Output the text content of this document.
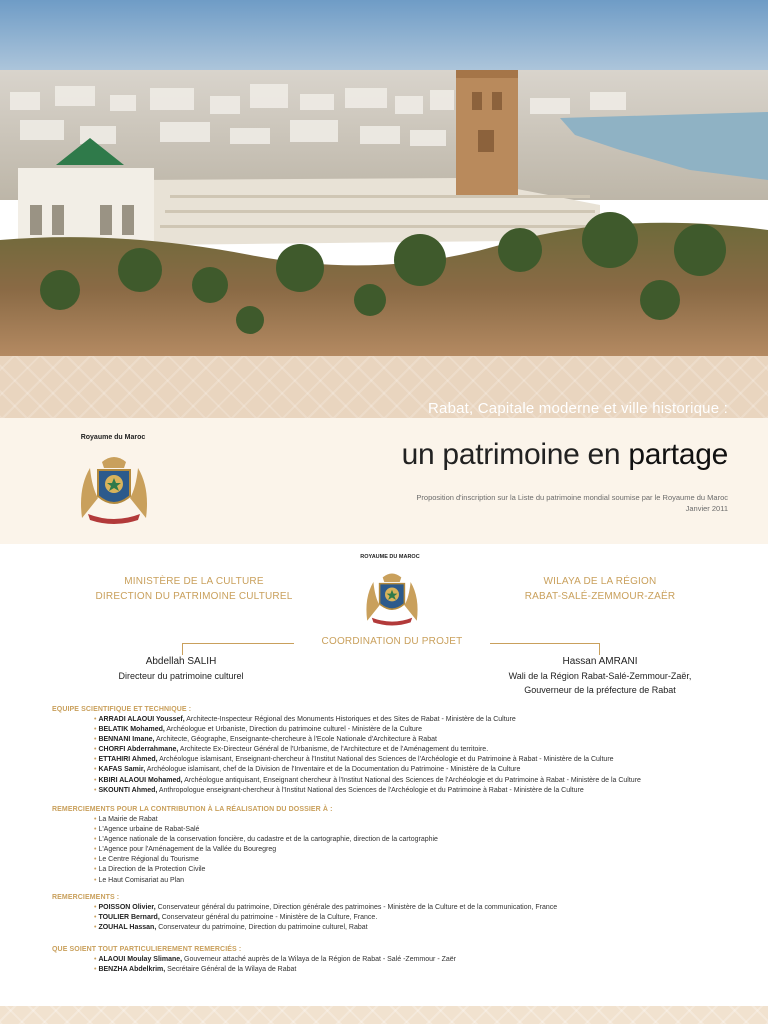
Rabat, Capitale moderne et ville historique :
Royaume du Maroc
un patrimoine en partage
Proposition d'inscription sur la Liste du patrimoine mondial soumise par le Royaume du Maroc
Janvier 2011
ROYAUME DU MAROC
MINISTÈRE DE LA CULTURE
DIRECTION DU PATRIMOINE CULTUREL
WILAYA DE LA RÉGION
RABAT-SALÉ-ZEMMOUR-ZAËR
COORDINATION DU PROJET
Abdellah SALIH
Directeur du patrimoine culturel
Hassan AMRANI
Wali de la Région Rabat-Salé-Zemmour-Zaër,
Gouverneur de la préfecture de Rabat
EQUIPE SCIENTIFIQUE ET TECHNIQUE :
• ARRADI ALAOUI Youssef, Architecte-Inspecteur Régional des Monuments Historiques et des Sites de Rabat - Ministère de la Culture
• BELATIK Mohamed, Archéologue et Urbaniste, Direction du patrimoine culturel - Ministère de la Culture
• BENNANI Imane, Architecte, Géographe, Enseignante-chercheure à l'Ecole Nationale d'Architecture à Rabat
• CHORFI Abderrahmane, Architecte Ex-Directeur Général de l'Urbanisme, de l'Architecture et de l'Aménagement du territoire.
• ETTAHIRI Ahmed, Archéologue islamisant, Enseignant-chercheur à l'Institut National des Sciences de l'Archéologie et du Patrimoine à Rabat - Ministère de la Culture
• KAFAS Samir, Archéologue islamisant, chef de la Division de l'Inventaire et de la Documentation du Patrimoine - Ministère de la Culture
• KBIRI ALAOUI Mohamed, Archéologue antiquisant, Enseignant chercheur à l'Institut National des Sciences de l'Archéologie et du Patrimoine à Rabat - Ministère de la Culture
• SKOUNTI Ahmed, Anthropologue enseignant-chercheur à l'Institut National des Sciences de l'Archéologie et du Patrimoine à Rabat - Ministère de la Culture
REMERCIEMENTS POUR LA CONTRIBUTION À LA RÉALISATION DU DOSSIER À :
• La Mairie de Rabat
• L'Agence urbaine de Rabat-Salé
• L'Agence nationale de la conservation foncière, du cadastre et de la cartographie, direction de la cartographie
• L'Agence pour l'Aménagement de la Vallée du Bouregreg
• Le Centre Régional du Tourisme
• La Direction de la Protection Civile
• Le Haut Comisariat au Plan
REMERCIEMENTS :
• POISSON Olivier, Conservateur général du patrimoine, Direction générale des patrimoines - Ministère de la Culture et de la communication, France
• TOULIER Bernard, Conservateur général du patrimoine - Ministère de la Culture, France.
• ZOUHAL Hassan, Conservateur du patrimoine, Direction du patrimoine culturel, Rabat
QUE SOIENT TOUT PARTICULIEREMENT REMERCIÉS :
• ALAOUI Moulay Slimane, Gouverneur attaché auprès de la Wilaya de la Région de Rabat - Salé -Zemmour - Zaër
• BENZHA Abdelkrim, Secrétaire Général de la Wilaya de Rabat
